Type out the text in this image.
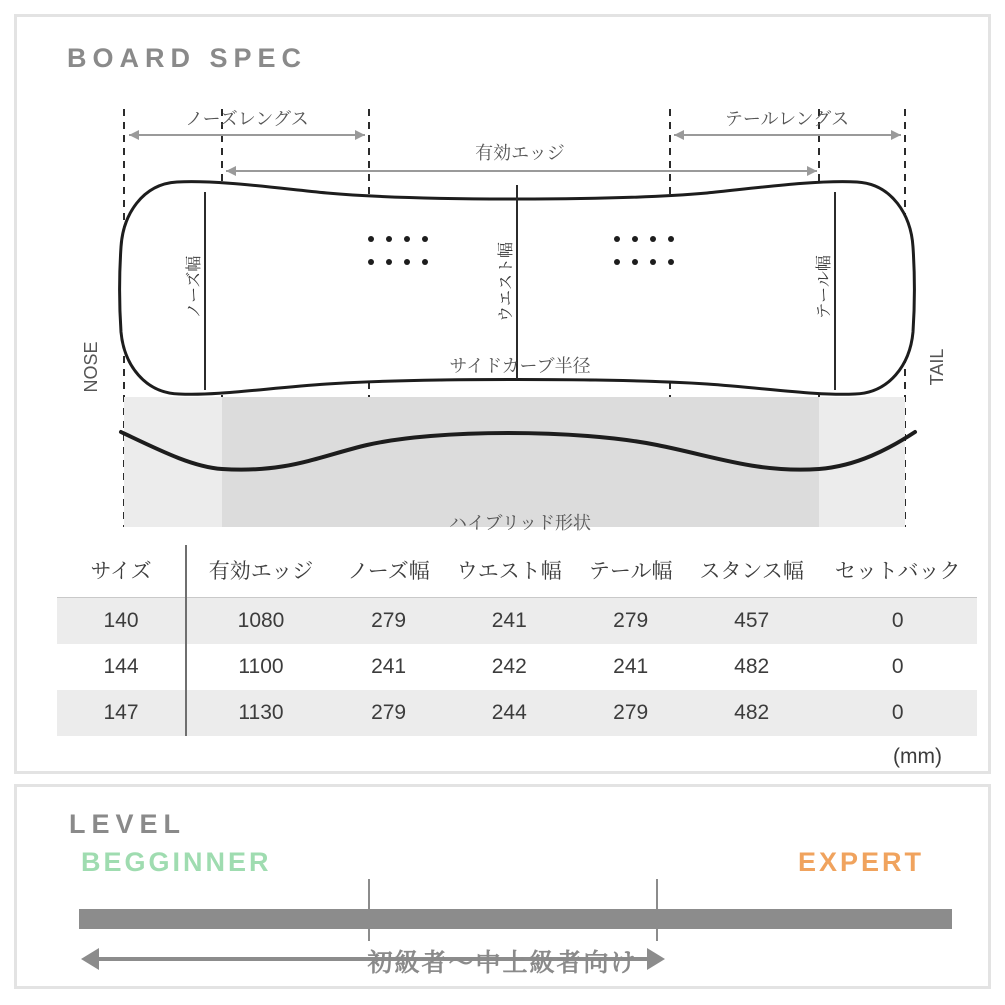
BOARD SPEC
ノーズレングス	テールレングス
有効エッジ
ノーズ幅	ウエスト幅	テール幅
NOSE	TAIL
サイドカーブ半径
ハイブリッド形状
サイズ	有効エッジ	ノーズ幅	ウエスト幅	テール幅	スタンス幅	セットバック
140	1080	279	241	279	457	0
144	1100	241	242	241	482	0
147	1130	279	244	279	482	0
(mm)
LEVEL
BEGGINNER	EXPERT
初級者～中上級者向け
